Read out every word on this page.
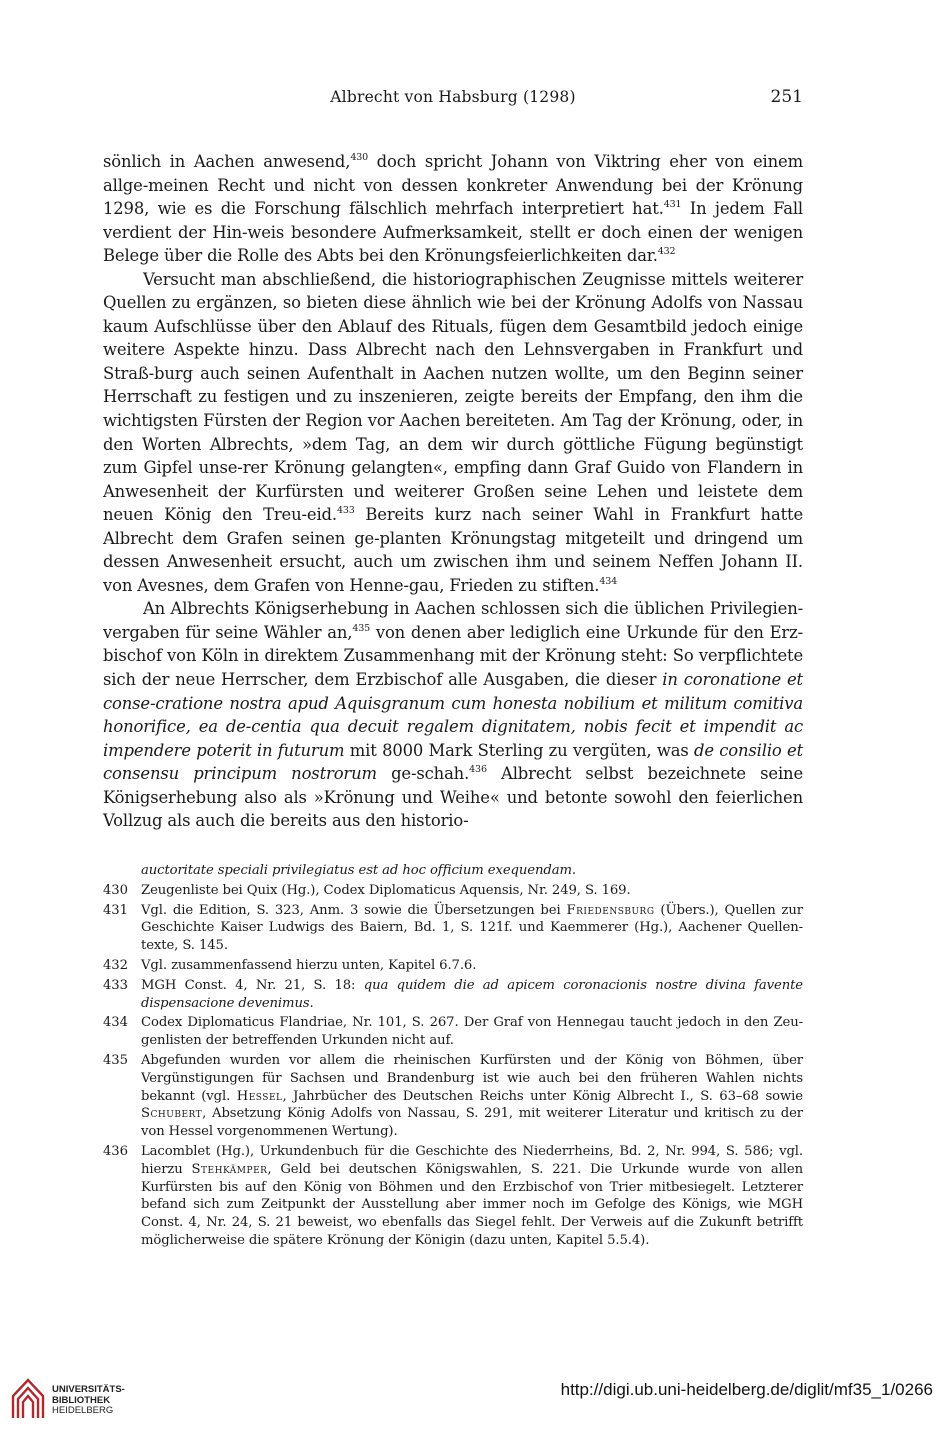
Albrecht von Habsburg (1298)	251

sönlich in Aachen anwesend,$^{430}$ doch spricht Johann von Viktring eher von einem allge-meinen Recht und nicht von dessen konkreter Anwendung bei der Krönung 1298, wie es die Forschung fälschlich mehrfach interpretiert hat.$^{431}$ In jedem Fall verdient der Hin-weis besondere Aufmerksamkeit, stellt er doch einen der wenigen Belege über die Rolle des Abts bei den Krönungsfeierlichkeiten dar.$^{432}$

Versucht man abschließend, die historiographischen Zeugnisse mittels weiterer Quellen zu ergänzen, so bieten diese ähnlich wie bei der Krönung Adolfs von Nassau kaum Aufschlüsse über den Ablauf des Rituals, fügen dem Gesamtbild jedoch einige weitere Aspekte hinzu. Dass Albrecht nach den Lehnsvergaben in Frankfurt und Straß-burg auch seinen Aufenthalt in Aachen nutzen wollte, um den Beginn seiner Herrschaft zu festigen und zu inszenieren, zeigte bereits der Empfang, den ihm die wichtigsten Fürsten der Region vor Aachen bereiteten. Am Tag der Krönung, oder, in den Worten Albrechts, »dem Tag, an dem wir durch göttliche Fügung begünstigt zum Gipfel unse-rer Krönung gelangten«, empfing dann Graf Guido von Flandern in Anwesenheit der Kurfürsten und weiterer Großen seine Lehen und leistete dem neuen König den Treu-eid.$^{433}$ Bereits kurz nach seiner Wahl in Frankfurt hatte Albrecht dem Grafen seinen ge-planten Krönungstag mitgeteilt und dringend um dessen Anwesenheit ersucht, auch um zwischen ihm und seinem Neffen Johann II. von Avesnes, dem Grafen von Henne-gau, Frieden zu stiften.$^{434}$

An Albrechts Königserhebung in Aachen schlossen sich die üblichen Privilegien-vergaben für seine Wähler an,$^{435}$ von denen aber lediglich eine Urkunde für den Erz-bischof von Köln in direktem Zusammenhang mit der Krönung steht: So verpflichtete sich der neue Herrscher, dem Erzbischof alle Ausgaben, die dieser in coronatione et conse-cratione nostra apud Aquisgranum cum honesta nobilium et militum comitiva honorifice, ea de-centia qua decuit regalem dignitatem, nobis fecit et impendit ac impendere poterit in futurum mit 8000 Mark Sterling zu vergüten, was de consilio et consensu principum nostrorum ge-schah.$^{436}$ Albrecht selbst bezeichnete seine Königserhebung also als »Krönung und Weihe« und betonte sowohl den feierlichen Vollzug als auch die bereits aus den historio-

auctoritate speciali privilegiatus est ad hoc officium exequendam.
430 Zeugenliste bei Quix (Hg.), Codex Diplomaticus Aquensis, Nr. 249, S. 169.
431 Vgl. die Edition, S. 323, Anm. 3 sowie die Übersetzungen bei Friedensburg (Übers.), Quellen zur Geschichte Kaiser Ludwigs des Baiern, Bd. 1, S. 121f. und Kaemmerer (Hg.), Aachener Quellen-texte, S. 145.
432 Vgl. zusammenfassend hierzu unten, Kapitel 6.7.6.
433 MGH Const. 4, Nr. 21, S. 18: qua quidem die ad apicem coronacionis nostre divina favente dispensacione devenimus.
434 Codex Diplomaticus Flandriae, Nr. 101, S. 267. Der Graf von Hennegau taucht jedoch in den Zeu-genlisten der betreffenden Urkunden nicht auf.
435 Abgefunden wurden vor allem die rheinischen Kurfürsten und der König von Böhmen, über Vergünstigungen für Sachsen und Brandenburg ist wie auch bei den früheren Wahlen nichts bekannt (vgl. Hessel, Jahrbücher des Deutschen Reichs unter König Albrecht I., S. 63–68 sowie Schubert, Absetzung König Adolfs von Nassau, S. 291, mit weiterer Literatur und kritisch zu der von Hessel vorgenommenen Wertung).
436 Lacomblet (Hg.), Urkundenbuch für die Geschichte des Niederrheins, Bd. 2, Nr. 994, S. 586; vgl. hierzu Stehkämper, Geld bei deutschen Königswahlen, S. 221. Die Urkunde wurde von allen Kurfürsten bis auf den König von Böhmen und den Erzbischof von Trier mitbesiegelt. Letzterer befand sich zum Zeitpunkt der Ausstellung aber immer noch im Gefolge des Königs, wie MGH Const. 4, Nr. 24, S. 21 beweist, wo ebenfalls das Siegel fehlt. Der Verweis auf die Zukunft betrifft möglicherweise die spätere Krönung der Königin (dazu unten, Kapitel 5.5.4).
UNIVERSITÄTS-
BIBLIOTHEK
HEIDELBERG
http://digi.ub.uni-heidelberg.de/diglit/mf35_1/0266
